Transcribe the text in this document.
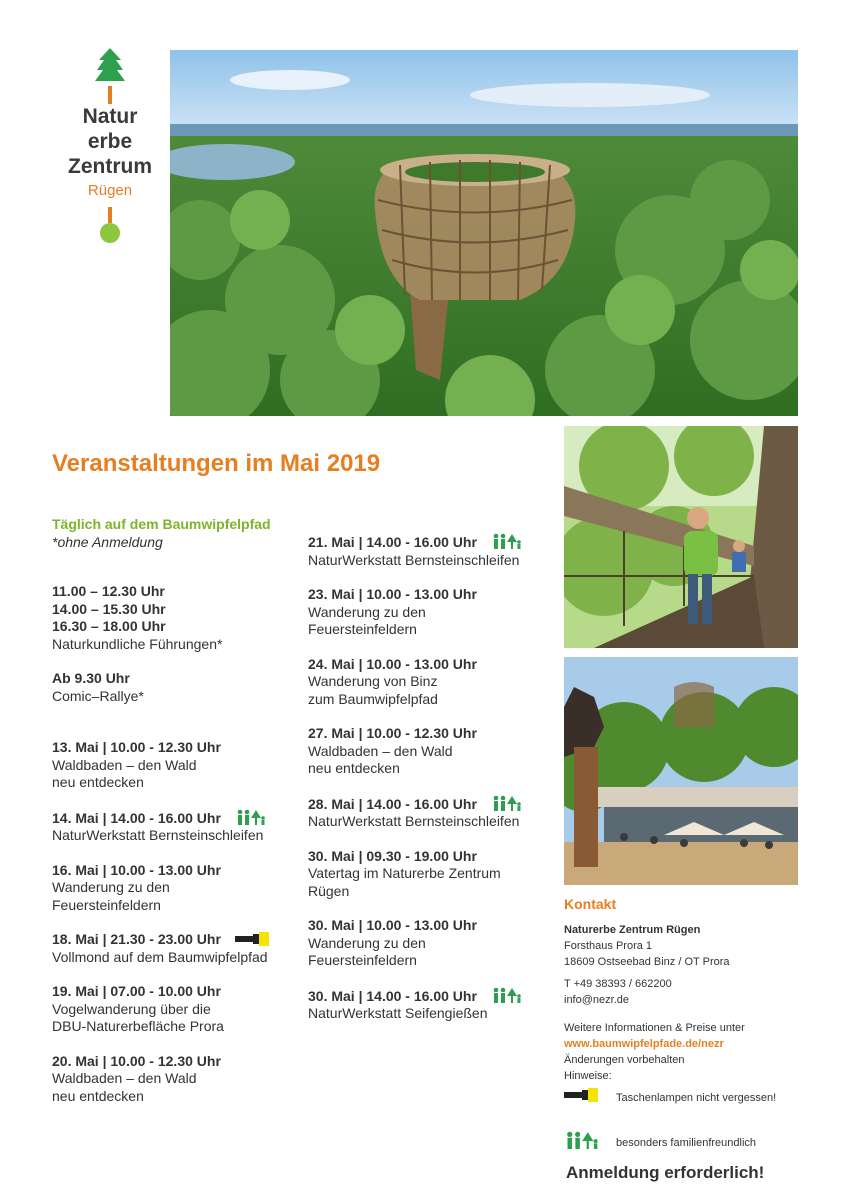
Natur
erbe
Zentrum
Rügen
Veranstaltungen im Mai 2019
Täglich auf dem Baumwipfelpfad
*ohne Anmeldung
11.00 – 12.30 Uhr
14.00 – 15.30 Uhr
16.30 – 18.00 Uhr
Naturkundliche Führungen*
Ab 9.30 Uhr
Comic–Rallye*
13. Mai | 10.00 - 12.30 Uhr
Waldbaden – den Wald
neu entdecken
14. Mai | 14.00 - 16.00 Uhr
NaturWerkstatt Bernsteinschleifen
16. Mai | 10.00 - 13.00 Uhr
Wanderung zu den
Feuersteinfeldern
18. Mai | 21.30 - 23.00 Uhr
Vollmond auf dem Baumwipfelpfad
19. Mai | 07.00 - 10.00 Uhr
Vogelwanderung über die
DBU-Naturerbefläche Prora
20. Mai | 10.00 - 12.30 Uhr
Waldbaden – den Wald
neu entdecken
21. Mai | 14.00 - 16.00 Uhr
NaturWerkstatt Bernsteinschleifen
23. Mai | 10.00 - 13.00 Uhr
Wanderung zu den
Feuersteinfeldern
24. Mai | 10.00 - 13.00 Uhr
Wanderung von Binz
zum Baumwipfelpfad
27. Mai | 10.00 - 12.30 Uhr
Waldbaden – den Wald
neu entdecken
28. Mai | 14.00 - 16.00 Uhr
NaturWerkstatt Bernsteinschleifen
30. Mai | 09.30 - 19.00 Uhr
Vatertag im Naturerbe Zentrum
Rügen
30. Mai | 10.00 - 13.00 Uhr
Wanderung zu den
Feuersteinfeldern
30. Mai | 14.00 - 16.00 Uhr
NaturWerkstatt Seifengießen
Kontakt
Naturerbe Zentrum Rügen
Forsthaus Prora 1
18609 Ostseebad Binz / OT Prora
T +49 38393 / 662200
info@nezr.de
Weitere Informationen & Preise unter
www.baumwipfelpfade.de/nezr
Änderungen vorbehalten
Hinweise:
Taschenlampen nicht vergessen!
besonders familienfreundlich
Anmeldung erforderlich!
